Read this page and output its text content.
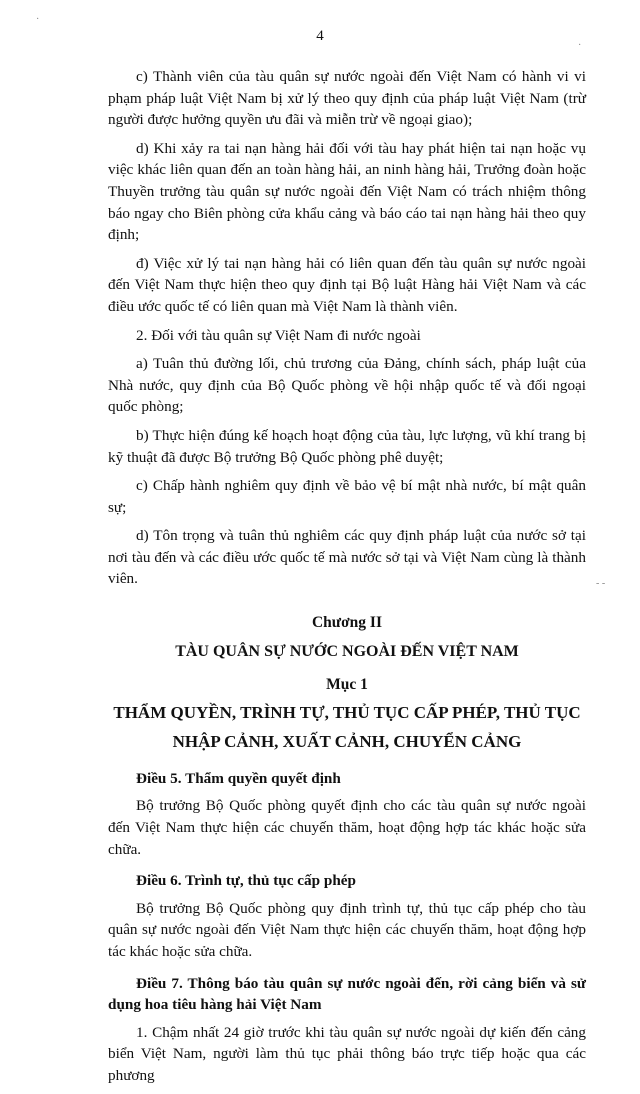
4
·
·
- -

c) Thành viên của tàu quân sự nước ngoài đến Việt Nam có hành vi vi phạm pháp luật Việt Nam bị xử lý theo quy định của pháp luật Việt Nam (trừ người được hưởng quyền ưu đãi và miễn trừ về ngoại giao);

d) Khi xảy ra tai nạn hàng hải đối với tàu hay phát hiện tai nạn hoặc vụ việc khác liên quan đến an toàn hàng hải, an ninh hàng hải, Trưởng đoàn hoặc Thuyền trưởng tàu quân sự nước ngoài đến Việt Nam có trách nhiệm thông báo ngay cho Biên phòng cửa khẩu cảng và báo cáo tai nạn hàng hải theo quy định;

đ) Việc xử lý tai nạn hàng hải có liên quan đến tàu quân sự nước ngoài đến Việt Nam thực hiện theo quy định tại Bộ luật Hàng hải Việt Nam và các điều ước quốc tế có liên quan mà Việt Nam là thành viên.

2. Đối với tàu quân sự Việt Nam đi nước ngoài

a) Tuân thủ đường lối, chủ trương của Đảng, chính sách, pháp luật của Nhà nước, quy định của Bộ Quốc phòng về hội nhập quốc tế và đối ngoại quốc phòng;

b) Thực hiện đúng kế hoạch hoạt động của tàu, lực lượng, vũ khí trang bị kỹ thuật đã được Bộ trưởng Bộ Quốc phòng phê duyệt;

c) Chấp hành nghiêm quy định về bảo vệ bí mật nhà nước, bí mật quân sự;

d) Tôn trọng và tuân thủ nghiêm các quy định pháp luật của nước sở tại nơi tàu đến và các điều ước quốc tế mà nước sở tại và Việt Nam cùng là thành viên.

Chương II

TÀU QUÂN SỰ NƯỚC NGOÀI ĐẾN VIỆT NAM

Mục 1

THẨM QUYỀN, TRÌNH TỰ, THỦ TỤC CẤP PHÉP, THỦ TỤC

NHẬP CẢNH, XUẤT CẢNH, CHUYỂN CẢNG

Điều 5. Thẩm quyền quyết định

Bộ trưởng Bộ Quốc phòng quyết định cho các tàu quân sự nước ngoài đến Việt Nam thực hiện các chuyến thăm, hoạt động hợp tác khác hoặc sửa chữa.

Điều 6. Trình tự, thủ tục cấp phép

Bộ trưởng Bộ Quốc phòng quy định trình tự, thủ tục cấp phép cho tàu quân sự nước ngoài đến Việt Nam thực hiện các chuyến thăm, hoạt động hợp tác khác hoặc sửa chữa.

Điều 7. Thông báo tàu quân sự nước ngoài đến, rời cảng biển và sử dụng hoa tiêu hàng hải Việt Nam

1. Chậm nhất 24 giờ trước khi tàu quân sự nước ngoài dự kiến đến cảng biển Việt Nam, người làm thủ tục phải thông báo trực tiếp hoặc qua các phương
